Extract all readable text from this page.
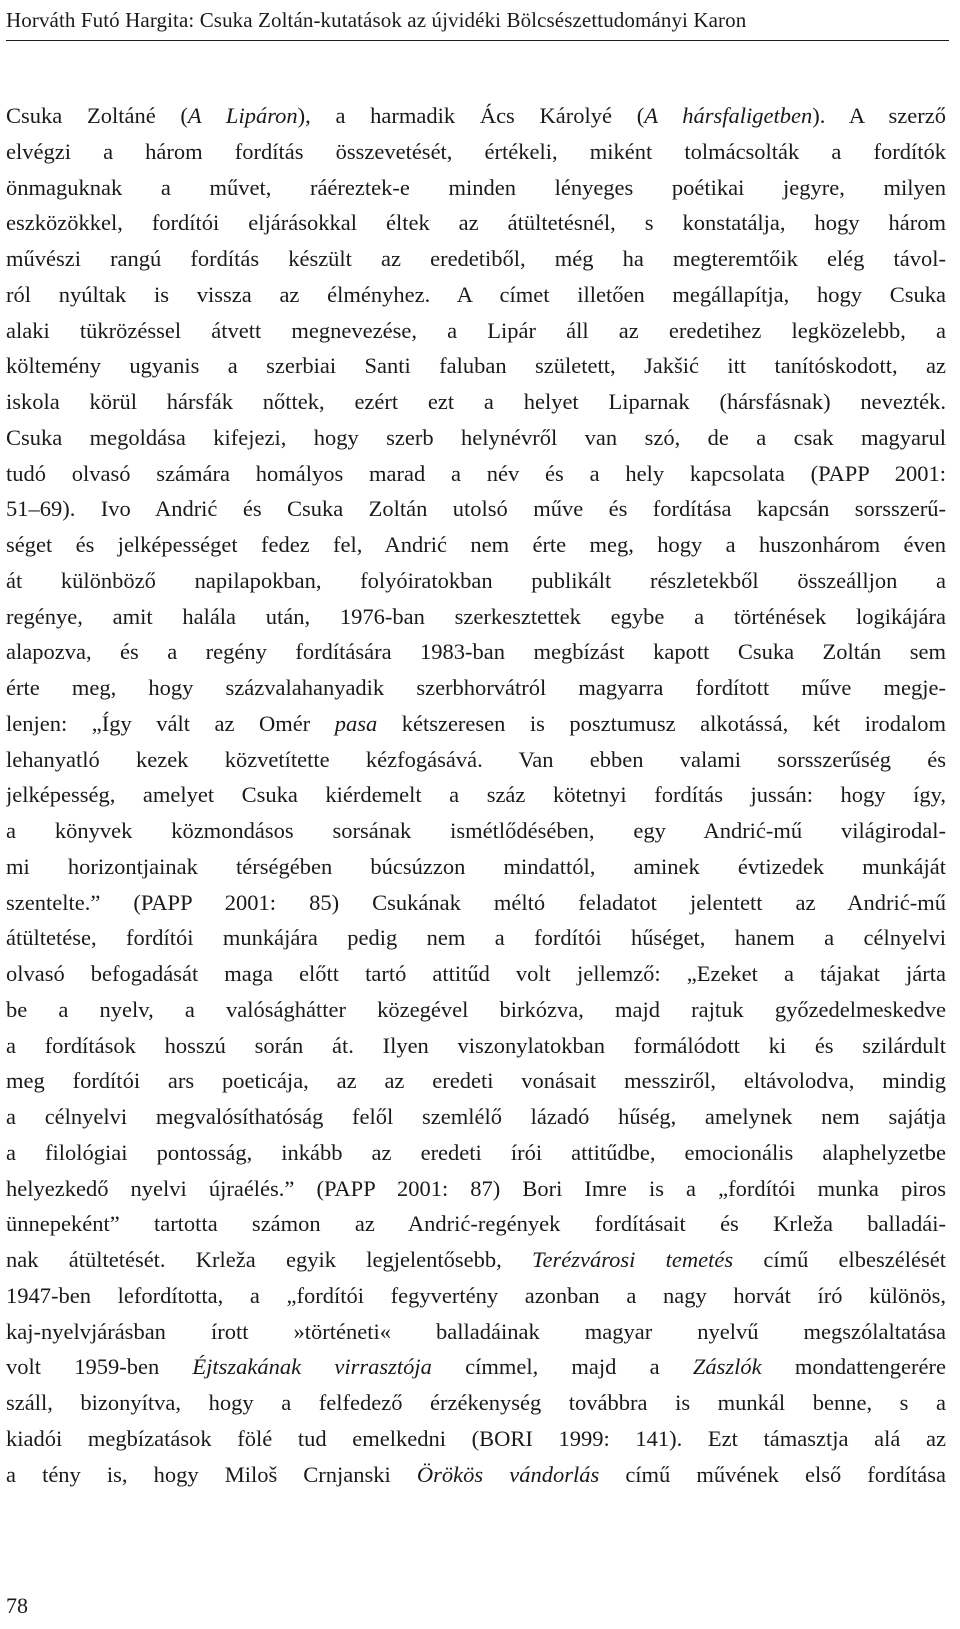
Horváth Futó Hargita: Csuka Zoltán-kutatások az újvidéki Bölcsészettudományi Karon
Csuka Zoltáné (A Lipáron), a harmadik Ács Károlyé (A hársfaligetben). A szerző
elvégzi a három fordítás összevetését, értékeli, miként tolmácsolták a fordítók
önmaguknak a művet, ráéreztek-e minden lényeges poétikai jegyre, milyen
eszközökkel, fordítói eljárásokkal éltek az átültetésnél, s konstatálja, hogy három
művészi rangú fordítás készült az eredetiből, még ha megteremtőik elég távol-
ról nyúltak is vissza az élményhez. A címet illetően megállapítja, hogy Csuka
alaki tükrözéssel átvett megnevezése, a Lipár áll az eredetihez legközelebb, a
költemény ugyanis a szerbiai Santi faluban született, Jakšić itt tanítóskodott, az
iskola körül hársfák nőttek, ezért ezt a helyet Liparnak (hársfásnak) nevezték.
Csuka megoldása kifejezi, hogy szerb helynévről van szó, de a csak magyarul
tudó olvasó számára homályos marad a név és a hely kapcsolata (PAPP 2001:
51–69). Ivo Andrić és Csuka Zoltán utolsó műve és fordítása kapcsán sorsszerű-
séget és jelképességet fedez fel, Andrić nem érte meg, hogy a huszonhárom éven
át különböző napilapokban, folyóiratokban publikált részletekből összeálljon a
regénye, amit halála után, 1976-ban szerkesztettek egybe a történések logikájára
alapozva, és a regény fordítására 1983-ban megbízást kapott Csuka Zoltán sem
érte meg, hogy százvalahanyadik szerbhorvátról magyarra fordított műve megje-
lenjen: „Így vált az Omér pasa kétszeresen is posztumusz alkotássá, két irodalom
lehanyatló kezek közvetítette kézfogásává. Van ebben valami sorsszerűség és
jelképesség, amelyet Csuka kiérdemelt a száz kötetnyi fordítás jussán: hogy így,
a könyvek közmondásos sorsának ismétlődésében, egy Andrić-mű világirodal-
mi horizontjainak térségében búcsúzzon mindattól, aminek évtizedek munkáját
szentelte.” (PAPP 2001: 85) Csukának méltó feladatot jelentett az Andrić-mű
átültetése, fordítói munkájára pedig nem a fordítói hűséget, hanem a célnyelvi
olvasó befogadását maga előtt tartó attitűd volt jellemző: „Ezeket a tájakat járta
be a nyelv, a valósághátter közegével birkózva, majd rajtuk győzedelmeskedve
a fordítások hosszú során át. Ilyen viszonylatokban formálódott ki és szilárdult
meg fordítói ars poeticája, az az eredeti vonásait messziről, eltávolodva, mindig
a célnyelvi megvalósíthatóság felől szemlélő lázadó hűség, amelynek nem sajátja
a filológiai pontosság, inkább az eredeti írói attitűdbe, emocionális alaphelyzetbe
helyezkedő nyelvi újraélés.” (PAPP 2001: 87) Bori Imre is a „fordítói munka piros
ünnepeként” tartotta számon az Andrić-regények fordításait és Krleža balladái-
nak átültetését. Krleža egyik legjelentősebb, Terézvárosi temetés című elbeszélését
1947-ben lefordította, a „fordítói fegyvertény azonban a nagy horvát író különös,
kaj-nyelvjárásban írott »történeti« balladáinak magyar nyelvű megszólaltatása
volt 1959-ben Éjtszakának virrasztója címmel, majd a Zászlók mondattengerére
száll, bizonyítva, hogy a felfedező érzékenység továbbra is munkál benne, s a
kiadói megbízatások fölé tud emelkedni (BORI 1999: 141). Ezt támasztja alá az
a tény is, hogy Miloš Crnjanski Örökös vándorlás című művének első fordítása
78
